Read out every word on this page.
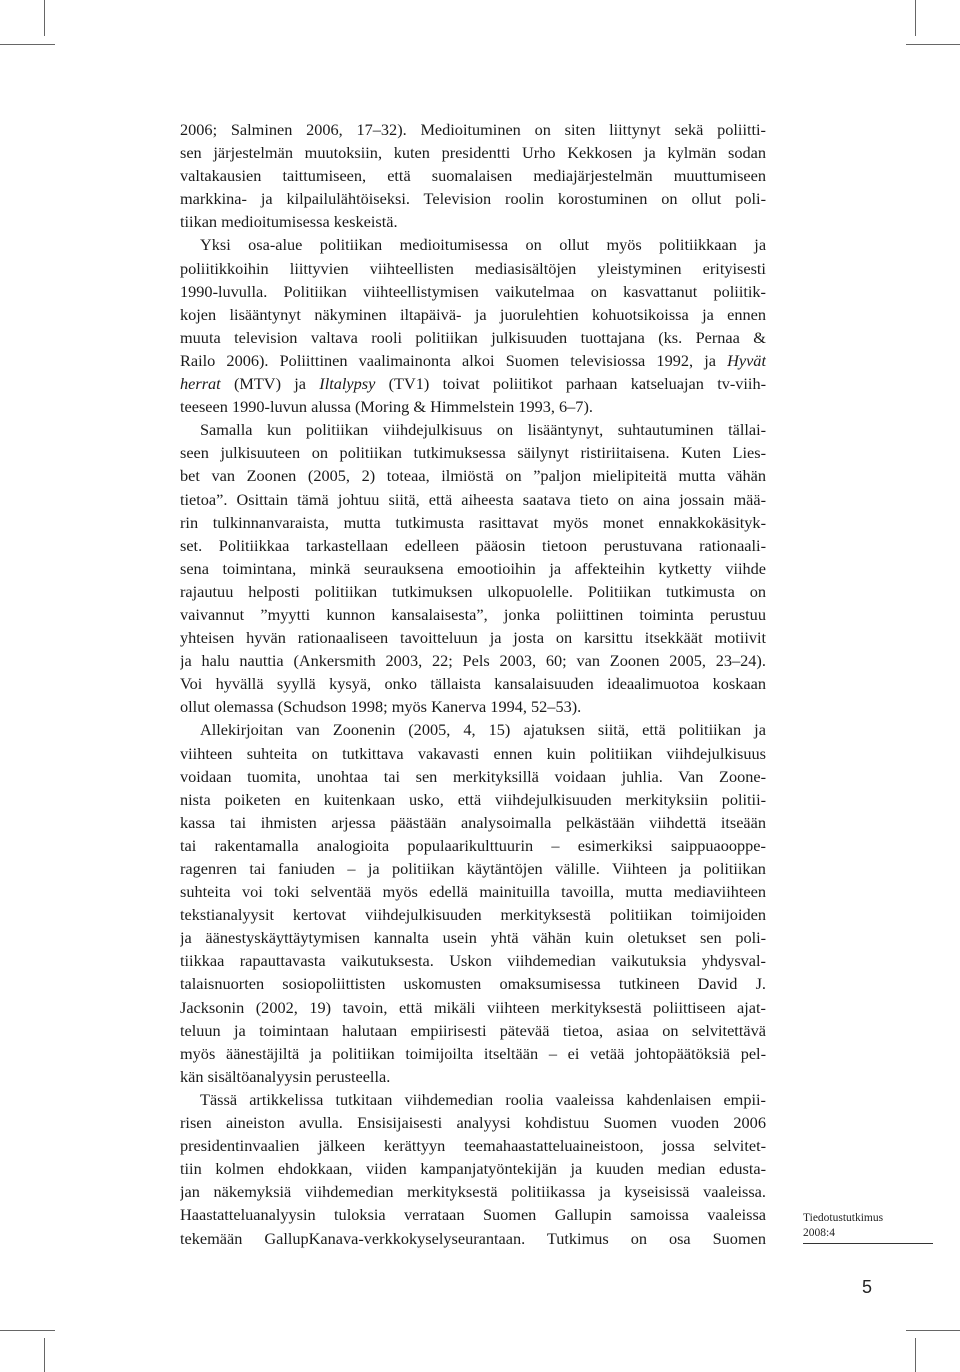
2006; Salminen 2006, 17–32). Medioituminen on siten liittynyt sekä poliitti-
sen järjestelmän muutoksiin, kuten presidentti Urho Kekkosen ja kylmän sodan
valtakausien taittumiseen, että suomalaisen mediajärjestelmän muuttumiseen
markkina- ja kilpailulähtöiseksi. Television roolin korostuminen on ollut poli-
tiikan medioitumisessa keskeistä.
Yksi osa-alue politiikan medioitumisessa on ollut myös politiikkaan ja
poliitikkoihin liittyvien viihteellisten mediasisältöjen yleistyminen erityisesti
1990-luvulla. Politiikan viihteellistymisen vaikutelmaa on kasvattanut poliitik-
kojen lisääntynyt näkyminen iltapäivä- ja juorulehtien kohuotsikoissa ja ennen
muuta television valtava rooli politiikan julkisuuden tuottajana (ks. Pernaa &
Railo 2006). Poliittinen vaalimainonta alkoi Suomen televisiossa 1992, ja Hyvät
herrat (MTV) ja Iltalypsy (TV1) toivat poliitikot parhaan katseluajan tv-viih-
teeseen 1990-luvun alussa (Moring & Himmelstein 1993, 6–7).
Samalla kun politiikan viihdejulkisuus on lisääntynyt, suhtautuminen tällai-
seen julkisuuteen on politiikan tutkimuksessa säilynyt ristiriitaisena. Kuten Lies-
bet van Zoonen (2005, 2) toteaa, ilmiöstä on ”paljon mielipiteitä mutta vähän
tietoa”. Osittain tämä johtuu siitä, että aiheesta saatava tieto on aina jossain mää-
rin tulkinnanvaraista, mutta tutkimusta rasittavat myös monet ennakkokäsityk-
set. Politiikkaa tarkastellaan edelleen pääosin tietoon perustuvana rationaali-
sena toimintana, minkä seurauksena emootioihin ja affekteihin kytketty viihde
rajautuu helposti politiikan tutkimuksen ulkopuolelle. Politiikan tutkimusta on
vaivannut ”myytti kunnon kansalaisesta”, jonka poliittinen toiminta perustuu
yhteisen hyvän rationaaliseen tavoitteluun ja josta on karsittu itsekkäät motiivit
ja halu nauttia (Ankersmith 2003, 22; Pels 2003, 60; van Zoonen 2005, 23–24).
Voi hyvällä syyllä kysyä, onko tällaista kansalaisuuden ideaalimuotoa koskaan
ollut olemassa (Schudson 1998; myös Kanerva 1994, 52–53).
Allekirjoitan van Zoonenin (2005, 4, 15) ajatuksen siitä, että politiikan ja
viihteen suhteita on tutkittava vakavasti ennen kuin politiikan viihdejulkisuus
voidaan tuomita, unohtaa tai sen merkityksillä voidaan juhlia. Van Zoone-
nista poiketen en kuitenkaan usko, että viihdejulkisuuden merkityksiin politii-
kassa tai ihmisten arjessa päästään analysoimalla pelkästään viihdettä itseään
tai rakentamalla analogioita populaarikulttuurin – esimerkiksi saippuaooppe-
ragenren tai faniuden – ja politiikan käytäntöjen välille. Viihteen ja politiikan
suhteita voi toki selventää myös edellä mainituilla tavoilla, mutta mediaviihteen
tekstianalyysit kertovat viihdejulkisuuden merkityksestä politiikan toimijoiden
ja äänestyskäyttäytymisen kannalta usein yhtä vähän kuin oletukset sen poli-
tiikkaa rapauttavasta vaikutuksesta. Uskon viihdemedian vaikutuksia yhdysval-
talaisnuorten sosiopoliittisten uskomusten omaksumisessa tutkineen David J.
Jacksonin (2002, 19) tavoin, että mikäli viihteen merkityksestä poliittiseen ajat-
teluun ja toimintaan halutaan empiirisesti pätevää tietoa, asiaa on selvitettävä
myös äänestäjiltä ja politiikan toimijoilta itseltään – ei vetää johtopäätöksiä pel-
kän sisältöanalyysin perusteella.
Tässä artikkelissa tutkitaan viihdemedian roolia vaaleissa kahdenlaisen empii-
risen aineiston avulla. Ensisijaisesti analyysi kohdistuu Suomen vuoden 2006
presidentinvaalien jälkeen kerättyyn teemahaastatteluaineistoon, jossa selvitet-
tiin kolmen ehdokkaan, viiden kampanjatyöntekijän ja kuuden median edusta-
jan näkemyksiä viihdemedian merkityksestä politiikassa ja kyseisissä vaaleissa.
Haastatteluanalyysin tuloksia verrataan Suomen Gallupin samoissa vaaleissa
tekemään GallupKanava-verkkokyselyseurantaan. Tutkimus on osa Suomen
Tiedotustutkimus
2008:4
5
